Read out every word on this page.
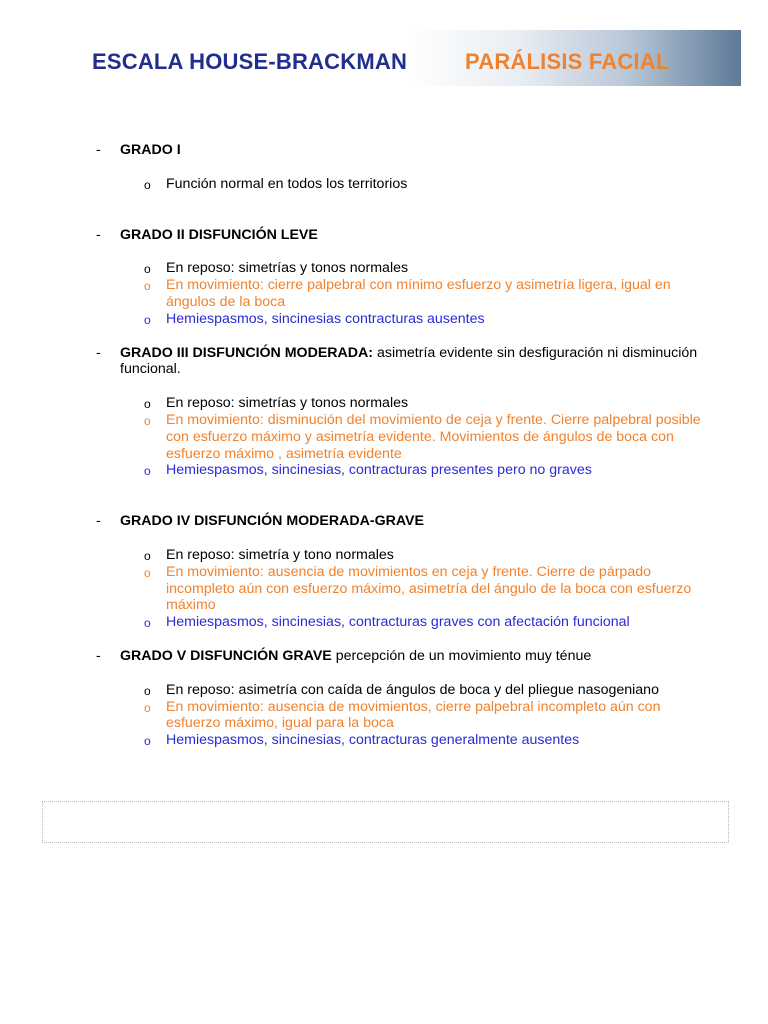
ESCALA HOUSE-BRACKMAN	PARÁLISIS FACIAL
- GRADO I
o Función normal en todos los territorios
- GRADO II DISFUNCIÓN LEVE
o En reposo: simetrías y tonos normales
o En movimiento: cierre palpebral con mínimo esfuerzo y asimetría ligera, igual en ángulos de la boca
o Hemiespasmos, sincinesias contracturas ausentes
- GRADO III DISFUNCIÓN MODERADA: asimetría evidente sin desfiguración ni disminución funcional.
o En reposo: simetrías y tonos normales
o En movimiento: disminución del movimiento de ceja y frente. Cierre palpebral posible con esfuerzo máximo y asimetría evidente. Movimientos de ángulos de boca con esfuerzo máximo , asimetría evidente
o Hemiespasmos, sincinesias, contracturas presentes pero no graves
- GRADO IV DISFUNCIÓN MODERADA-GRAVE
o En reposo: simetría y tono normales
o En movimiento: ausencia de movimientos en ceja y frente. Cierre de párpado incompleto aún con esfuerzo máximo, asimetría del ángulo de la boca con esfuerzo máximo
o Hemiespasmos, sincinesias, contracturas graves con afectación funcional
- GRADO V DISFUNCIÓN GRAVE percepción de un movimiento muy ténue
o En reposo: asimetría con caída de ángulos de boca y del pliegue nasogeniano
o En movimiento: ausencia de movimientos, cierre palpebral incompleto aún con esfuerzo máximo, igual para la boca
o Hemiespasmos, sincinesias, contracturas generalmente ausentes
